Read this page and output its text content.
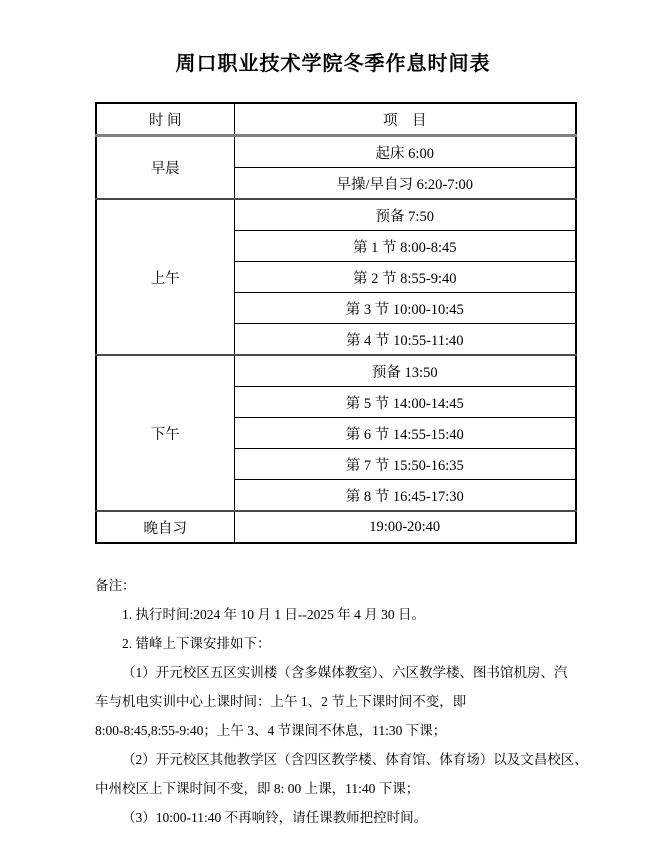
周口职业技术学院冬季作息时间表
时 间	项　目
早晨	起床 6:00
	早操/早自习 6:20-7:00
上午	预备 7:50
	第 1 节 8:00-8:45
	第 2 节 8:55-9:40
	第 3 节 10:00-10:45
	第 4 节 10:55-11:40
下午	预备 13:50
	第 5 节 14:00-14:45
	第 6 节 14:55-15:40
	第 7 节 15:50-16:35
	第 8 节 16:45-17:30
晚自习	19:00-20:40
备注：
1. 执行时间:2024 年 10 月 1 日--2025 年 4 月 30 日。
2. 错峰上下课安排如下：
（1）开元校区五区实训楼（含多媒体教室）、六区教学楼、图书馆机房、汽
车与机电实训中心上课时间：上午 1、2 节上下课时间不变，即
8:00-8:45,8:55-9:40；上午 3、4 节课间不休息，11:30 下课；
（2）开元校区其他教学区（含四区教学楼、体育馆、体育场）以及文昌校区、
中州校区上下课时间不变，即 8: 00 上课，11:40 下课；
（3）10:00-11:40 不再响铃，请任课教师把控时间。
